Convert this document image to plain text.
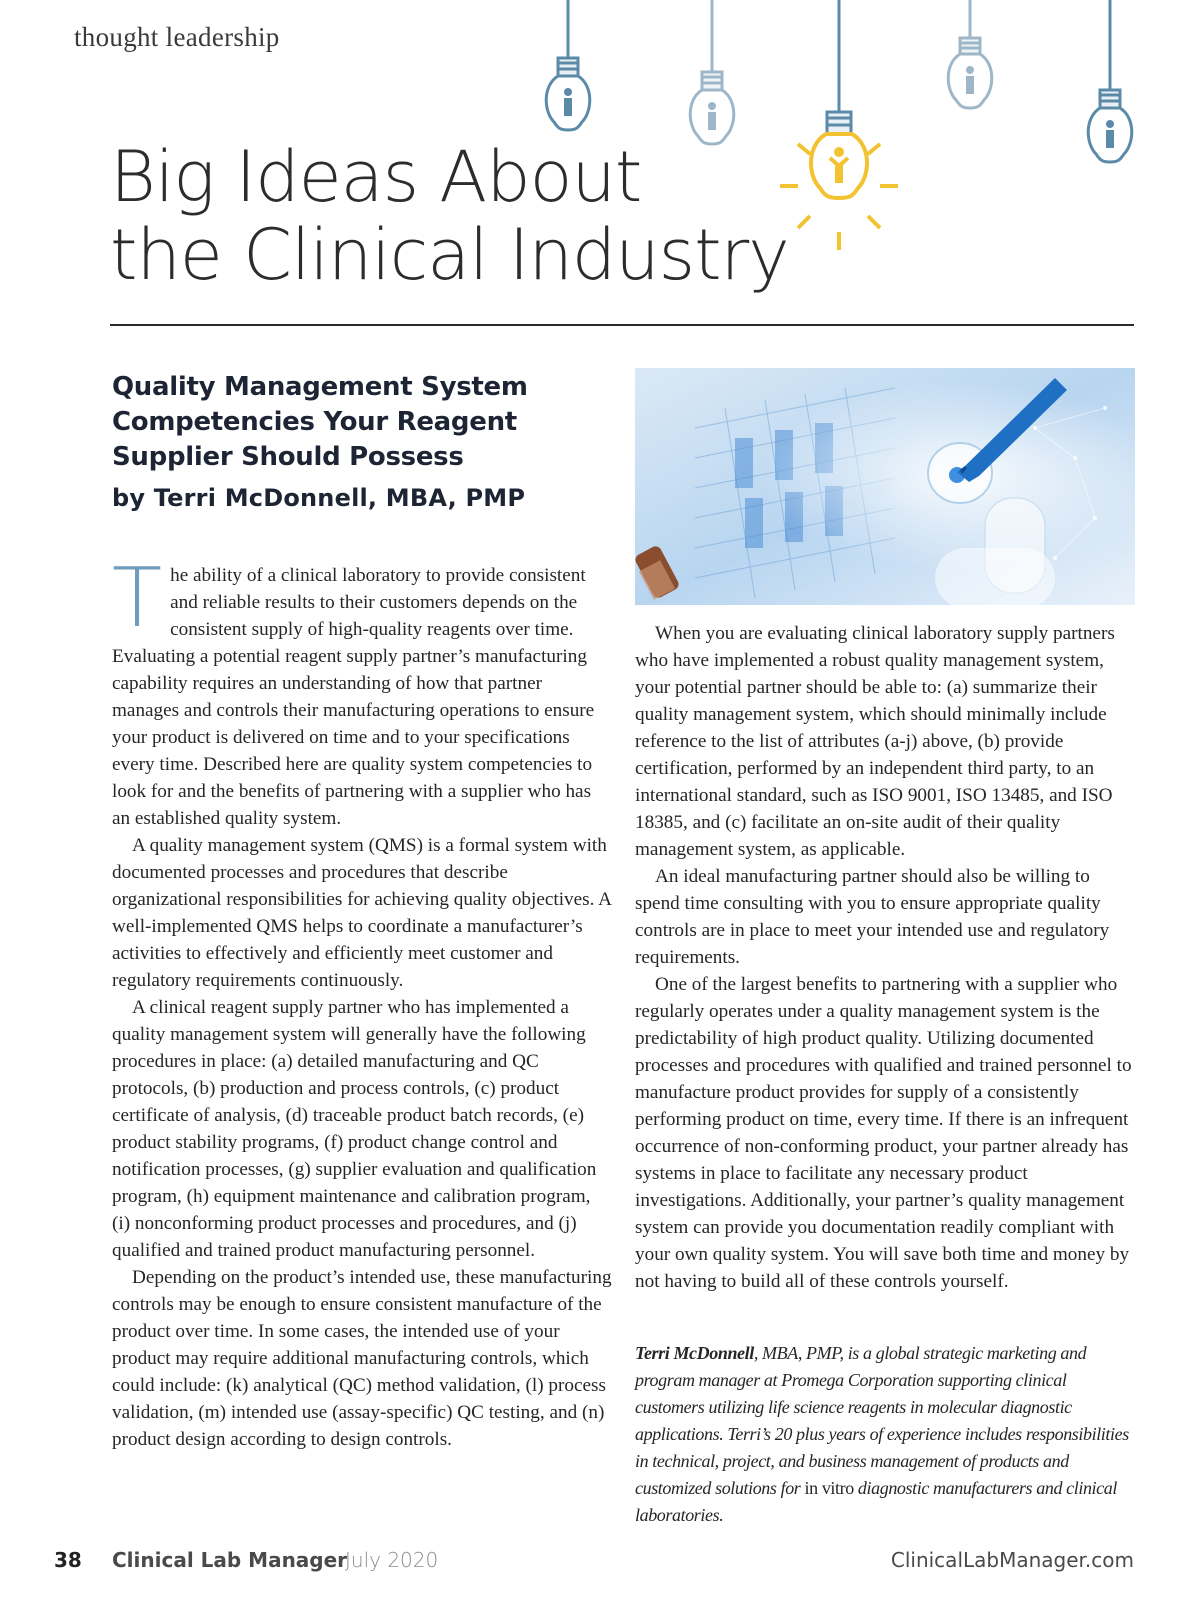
thought leadership
Big Ideas About
the Clinical Industry
Quality Management System
Competencies Your Reagent
Supplier Should Possess
by Terri McDonnell, MBA, PMP

The ability of a clinical laboratory to provide consistent and reliable results to their customers depends on the consistent supply of high-quality reagents over time. Evaluating a potential reagent supply partner’s manufacturing capability requires an understanding of how that partner manages and controls their manufacturing operations to ensure your product is delivered on time and to your specifications every time. Described here are quality system competencies to look for and the benefits of partnering with a supplier who has an established quality system.

A quality management system (QMS) is a formal system with documented processes and procedures that describe organizational responsibilities for achieving quality objectives. A well-implemented QMS helps to coordinate a manufacturer’s activities to effectively and efficiently meet customer and regulatory requirements continuously.

A clinical reagent supply partner who has implemented a quality management system will generally have the following procedures in place: (a) detailed manufacturing and QC protocols, (b) production and process controls, (c) product certificate of analysis, (d) traceable product batch records, (e) product stability programs, (f) product change control and notification processes, (g) supplier evaluation and qualification program, (h) equipment maintenance and calibration program, (i) nonconforming product processes and procedures, and (j) qualified and trained product manufacturing personnel.

Depending on the product’s intended use, these manufacturing controls may be enough to ensure consistent manufacture of the product over time. In some cases, the intended use of your product may require additional manufacturing controls, which could include: (k) analytical (QC) method validation, (l) process validation, (m) intended use (assay-specific) QC testing, and (n) product design according to design controls.

When you are evaluating clinical laboratory supply partners who have implemented a robust quality management system, your potential partner should be able to: (a) summarize their quality management system, which should minimally include reference to the list of attributes (a-j) above, (b) provide certification, performed by an independent third party, to an international standard, such as ISO 9001, ISO 13485, and ISO 18385, and (c) facilitate an on-site audit of their quality management system, as applicable.

An ideal manufacturing partner should also be willing to spend time consulting with you to ensure appropriate quality controls are in place to meet your intended use and regulatory requirements.

One of the largest benefits to partnering with a supplier who regularly operates under a quality management system is the predictability of high product quality. Utilizing documented processes and procedures with qualified and trained personnel to manufacture product provides for supply of a consistently performing product on time, every time. If there is an infrequent occurrence of non-conforming product, your partner already has systems in place to facilitate any necessary product investigations. Additionally, your partner’s quality management system can provide you documentation readily compliant with your own quality system. You will save both time and money by not having to build all of these controls yourself.

Terri McDonnell, MBA, PMP, is a global strategic marketing and program manager at Promega Corporation supporting clinical customers utilizing life science reagents in molecular diagnostic applications. Terri’s 20 plus years of experience includes responsibilities in technical, project, and business management of products and customized solutions for in vitro diagnostic manufacturers and clinical laboratories.
38 Clinical Lab Manager
July 2020	ClinicalLabManager.com
